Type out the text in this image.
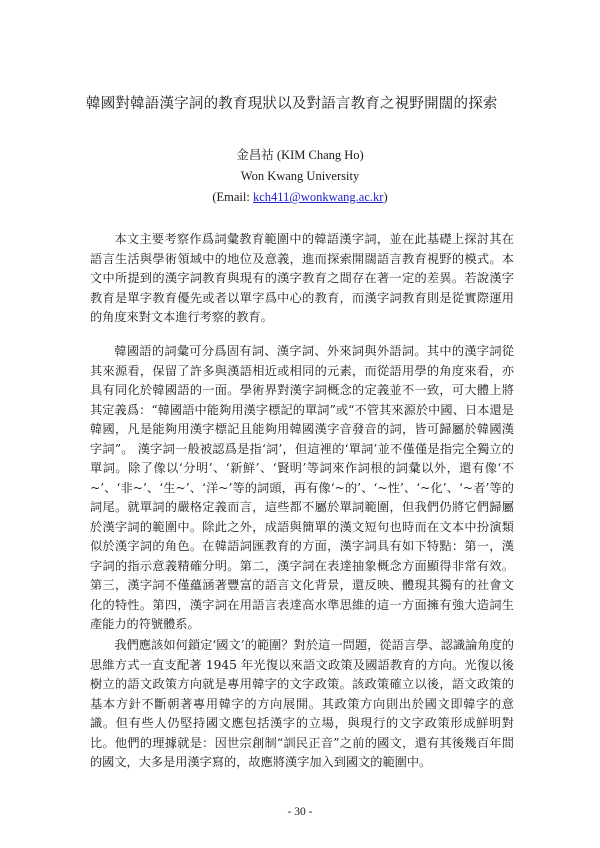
韓國對韓語漢字詞的教育現狀以及對語言教育之視野開闊的探索
金昌祜 (KIM Chang Ho)
Won Kwang University
(Email: kch411@wonkwang.ac.kr)

本文主要考察作爲詞彙教育範圍中的韓語漢字詞，並在此基礎上探討其在語言生活與學術領域中的地位及意義，進而探索開闊語言教育視野的模式。本文中所提到的漢字詞教育與現有的漢字教育之間存在著一定的差異。若說漢字教育是單字教育優先或者以單字爲中心的教育，而漢字詞教育則是從實際運用的角度來對文本進行考察的教育。

韓國語的詞彙可分爲固有詞、漢字詞、外來詞與外語詞。其中的漢字詞從其來源看，保留了許多與漢語相近或相同的元素，而從語用學的角度來看，亦具有同化於韓國語的一面。學術界對漢字詞概念的定義並不一致，可大體上將其定義爲：“韓國語中能夠用漢字標記的單詞”或“不管其來源於中國、日本還是韓國，凡是能夠用漢字標記且能夠用韓國漢字音發音的詞，皆可歸屬於韓國漢字詞”。 漢字詞一般被認爲是指‘詞’，但這裡的‘單詞’並不僅僅是指完全獨立的單詞。除了像以‘分明’、‘新鮮’、‘賢明’等詞來作詞根的詞彙以外，還有像‘不~’、‘非~’、‘生~’、‘洋~’等的詞頭，再有像‘~的’、‘~性’、‘~化’、‘~者’等的詞尾。就單詞的嚴格定義而言，這些都不屬於單詞範圍，但我們仍將它們歸屬於漢字詞的範圍中。除此之外，成語與簡單的漢文短句也時而在文本中扮演類似於漢字詞的角色。在韓語詞匯教育的方面，漢字詞具有如下特點：第一，漢字詞的指示意義精確分明。第二，漢字詞在表達抽象概念方面顯得非常有效。第三，漢字詞不僅蘊涵著豐富的語言文化背景，還反映、體現其獨有的社會文化的特性。第四，漢字詞在用語言表達高水準思維的這一方面擁有強大造詞生產能力的符號體系。

我們應該如何鎖定‘國文’的範圍？對於這一問題，從語言學、認識論角度的思維方式一直支配著 1945 年光復以來語文政策及國語教育的方向。光復以後樹立的語文政策方向就是專用韓字的文字政策。該政策確立以後，語文政策的基本方針不斷朝著專用韓字的方向展開。其政策方向則出於國文即韓字的意識。但有些人仍堅持國文應包括漢字的立場，與現行的文字政策形成鮮明對比。他們的理據就是：因世宗創制“訓民正音”之前的國文，還有其後幾百年間的國文，大多是用漢字寫的，故應將漢字加入到國文的範圍中。

- 30 -
